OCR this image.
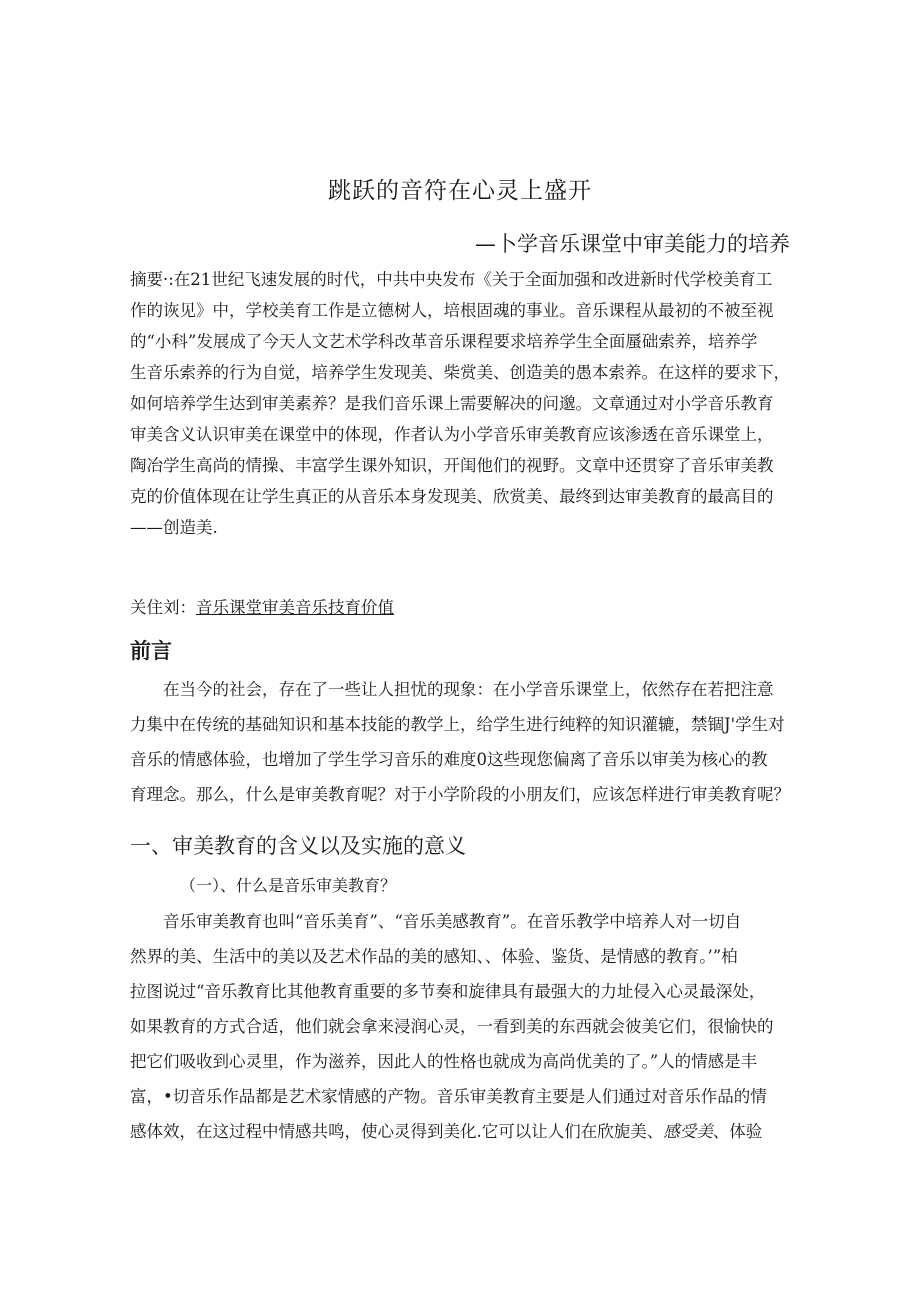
跳跃的音符在心灵上盛开
—卜学音乐课堂中审美能力的培养
摘要·:在21世纪飞速发展的时代，中共中央发布《关于全面加强和改进新时代学校美育工
作的诙见》中，学校美育工作是立德树人，培根固魂的事业。音乐课程从最初的不被至视
的“小科”发展成了今天人文艺术学科改革音乐课程要求培养学生全面蜃础索养，培养学
生音乐索养的行为自觉，培养学生发现美、柴赏美、创造美的愚本索养。在这样的要求下，
如何培养学生达到审美素养？是我们音乐课上需要解决的问邈。文章通过对小学音乐教育
审美含义认识审美在课堂中的体现，作者认为小学音乐审美教育应该渗透在音乐课堂上，
陶冶学生高尚的情操、丰富学生课外知识，开闺他们的视野。文章中还贯穿了音乐审美教
克的价值体现在让学生真正的从音乐本身发现美、欣赏美、最终到达审美教育的最高目的
——创造美.
关住刘：音乐课堂审美音乐技育价值
前言
　　在当今的社会，存在了一些让人担忧的现象：在小学音乐课堂上，依然存在若把注意
力集中在传统的基础知识和基本技能的教学上，给学生进行纯粹的知识灌辘，禁锢J'学生对
音乐的情感体验，也增加了学生学习音乐的难度0这些现您偏离了音乐以审美为核心的教
育理念。那么，什么是审美教育呢？对于小学阶段的小朋友们，应该怎样进行审美教育呢？
一、审美教育的含义以及实施的意义
（一）、什么是音乐审美教育？
　　音乐审美教育也叫“音乐美育”、“音乐美感教育”。在音乐教学中培养人对一切自
然界的美、生活中的美以及艺术作品的美的感知、、体验、鉴货、是情感的教育。’”柏
拉图说过“音乐教育比其他教育重要的多节奏和旋律具有最强大的力址侵入心灵最深处，
如果教育的方式合适，他们就会拿来浸润心灵，一看到美的东西就会彼美它们，很愉快的
把它们吸收到心灵里，作为滋养，因此人的性格也就成为高尚优美的了。”人的情感是丰
富，•切音乐作品都是艺术家情感的产物。音乐审美教育主要是人们通过对音乐作品的情
感体效，在这过程中情感共鸣，使心灵得到美化.它可以让人们在欣旎美、感受美、体验
